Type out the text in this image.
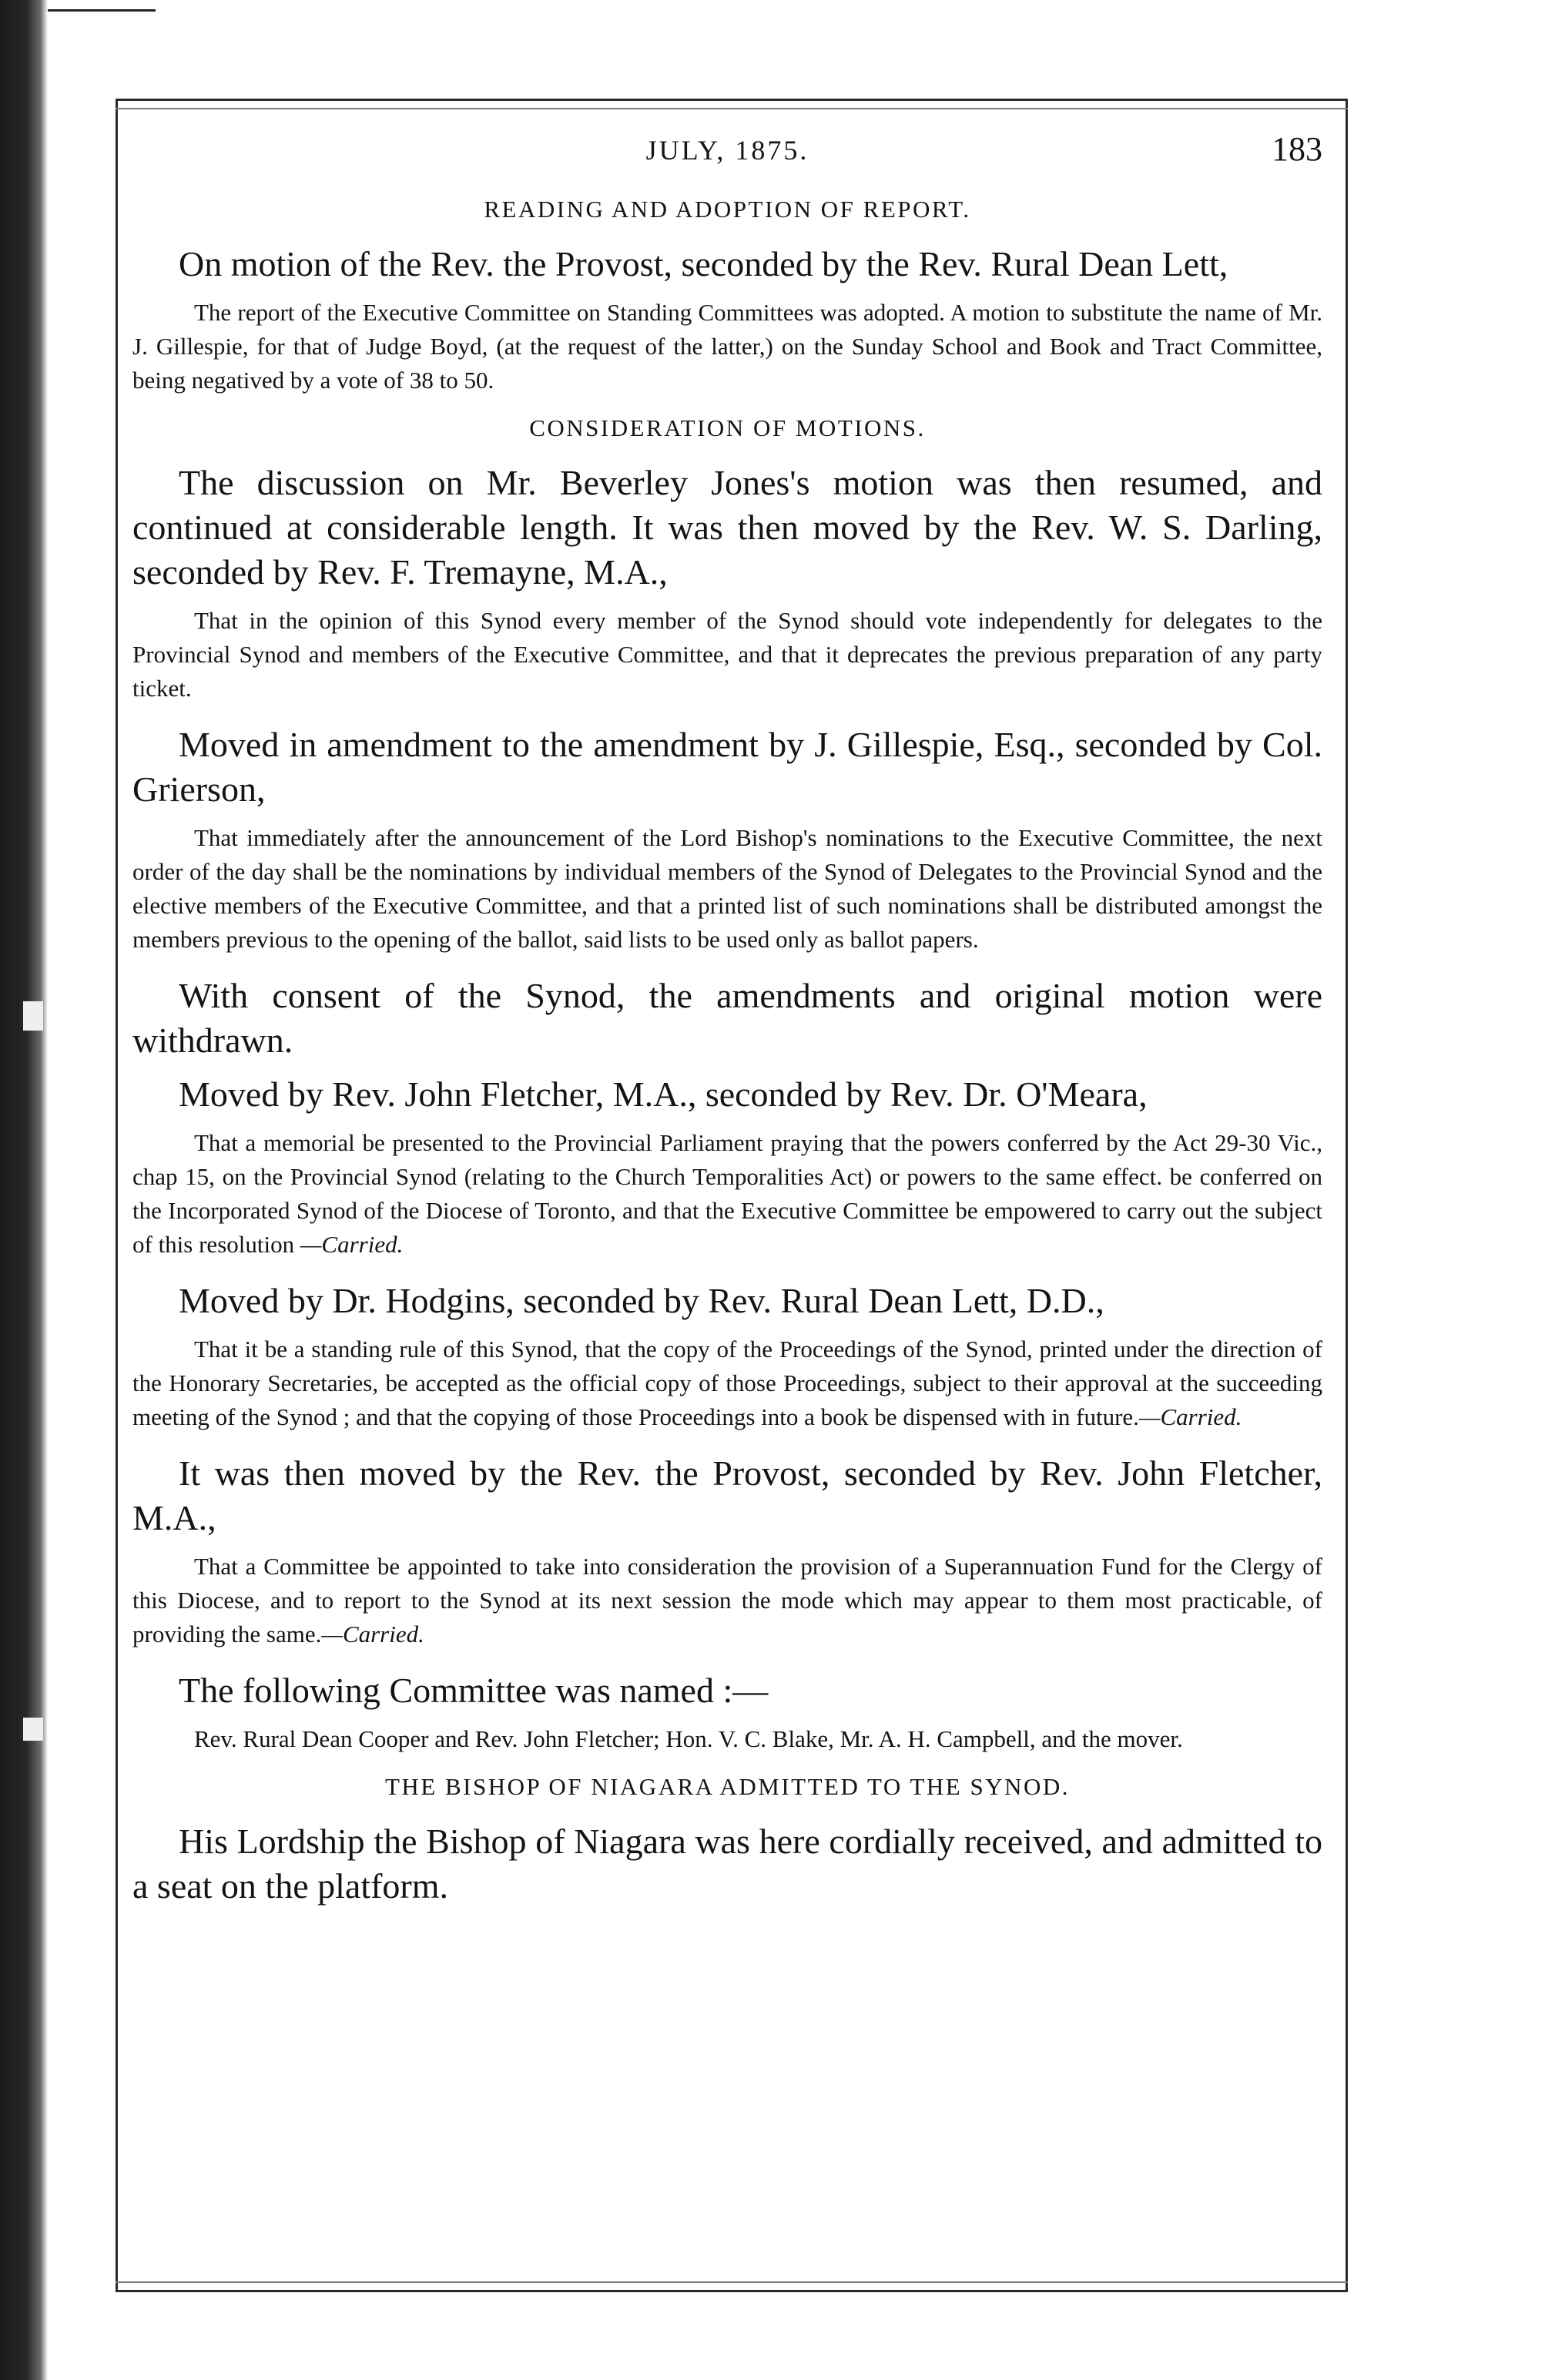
JULY, 1875.	183
READING AND ADOPTION OF REPORT.

On motion of the Rev. the Provost, seconded by the Rev. Rural Dean Lett,

The report of the Executive Committee on Standing Committees was adopted. A motion to substitute the name of Mr. J. Gillespie, for that of Judge Boyd, (at the request of the latter,) on the Sunday School and Book and Tract Committee, being negatived by a vote of 38 to 50.

CONSIDERATION OF MOTIONS.

The discussion on Mr. Beverley Jones's motion was then resumed, and continued at considerable length. It was then moved by the Rev. W. S. Darling, seconded by Rev. F. Tremayne, M.A.,

That in the opinion of this Synod every member of the Synod should vote independently for delegates to the Provincial Synod and members of the Executive Committee, and that it deprecates the previous preparation of any party ticket.

Moved in amendment to the amendment by J. Gillespie, Esq., seconded by Col. Grierson,

That immediately after the announcement of the Lord Bishop's nominations to the Executive Committee, the next order of the day shall be the nominations by individual members of the Synod of Delegates to the Provincial Synod and the elective members of the Executive Committee, and that a printed list of such nominations shall be distributed amongst the members previous to the opening of the ballot, said lists to be used only as ballot papers.

With consent of the Synod, the amendments and original motion were withdrawn.

Moved by Rev. John Fletcher, M.A., seconded by Rev. Dr. O'Meara,

That a memorial be presented to the Provincial Parliament praying that the powers conferred by the Act 29-30 Vic., chap 15, on the Provincial Synod (relating to the Church Temporalities Act) or powers to the same effect. be conferred on the Incorporated Synod of the Diocese of Toronto, and that the Executive Committee be empowered to carry out the subject of this resolution —Carried.

Moved by Dr. Hodgins, seconded by Rev. Rural Dean Lett, D.D.,

That it be a standing rule of this Synod, that the copy of the Proceedings of the Synod, printed under the direction of the Honorary Secretaries, be accepted as the official copy of those Proceedings, subject to their approval at the succeeding meeting of the Synod ; and that the copying of those Proceedings into a book be dispensed with in future.—Carried.

It was then moved by the Rev. the Provost, seconded by Rev. John Fletcher, M.A.,

That a Committee be appointed to take into consideration the provision of a Superannuation Fund for the Clergy of this Diocese, and to report to the Synod at its next session the mode which may appear to them most practicable, of providing the same.—Carried.

The following Committee was named :—

Rev. Rural Dean Cooper and Rev. John Fletcher; Hon. V. C. Blake, Mr. A. H. Campbell, and the mover.

THE BISHOP OF NIAGARA ADMITTED TO THE SYNOD.

His Lordship the Bishop of Niagara was here cordially received, and admitted to a seat on the platform.
